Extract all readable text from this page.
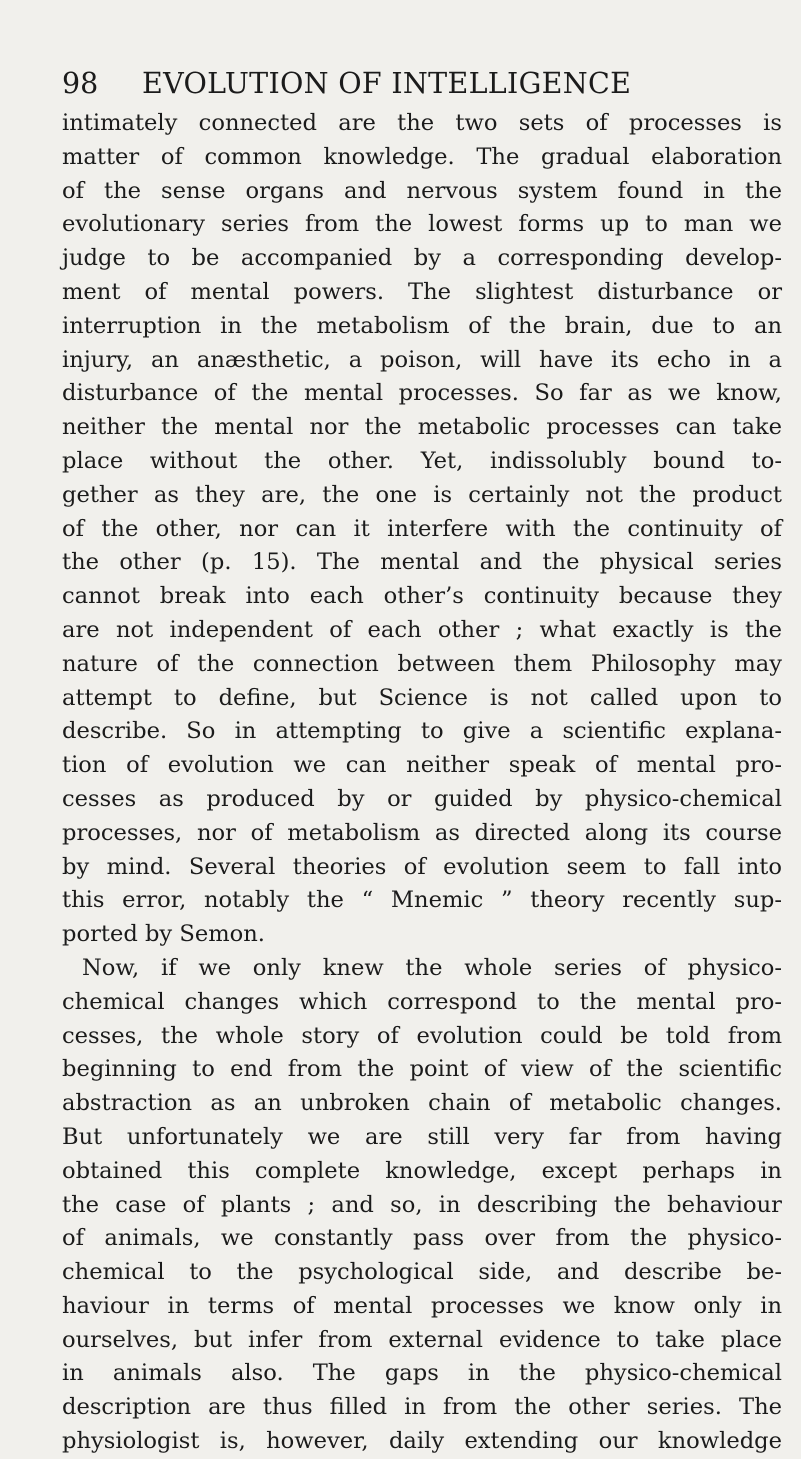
98 EVOLUTION OF INTELLIGENCE
intimately connected are the two sets of processes is
matter of common knowledge. The gradual elaboration
of the sense organs and nervous system found in the
evolutionary series from the lowest forms up to man we
judge to be accompanied by a corresponding develop-
ment of mental powers. The slightest disturbance or
interruption in the metabolism of the brain, due to an
injury, an anæsthetic, a poison, will have its echo in a
disturbance of the mental processes. So far as we know,
neither the mental nor the metabolic processes can take
place without the other. Yet, indissolubly bound to-
gether as they are, the one is certainly not the product
of the other, nor can it interfere with the continuity of
the other (p. 15). The mental and the physical series
cannot break into each other’s continuity because they
are not independent of each other ; what exactly is the
nature of the connection between them Philosophy may
attempt to define, but Science is not called upon to
describe. So in attempting to give a scientific explana-
tion of evolution we can neither speak of mental pro-
cesses as produced by or guided by physico-chemical
processes, nor of metabolism as directed along its course
by mind. Several theories of evolution seem to fall into
this error, notably the “ Mnemic ” theory recently sup-
ported by Semon.
Now, if we only knew the whole series of physico-
chemical changes which correspond to the mental pro-
cesses, the whole story of evolution could be told from
beginning to end from the point of view of the scientific
abstraction as an unbroken chain of metabolic changes.
But unfortunately we are still very far from having
obtained this complete knowledge, except perhaps in
the case of plants ; and so, in describing the behaviour
of animals, we constantly pass over from the physico-
chemical to the psychological side, and describe be-
haviour in terms of mental processes we know only in
ourselves, but infer from external evidence to take place
in animals also. The gaps in the physico-chemical
description are thus filled in from the other series. The
physiologist is, however, daily extending our knowledge
